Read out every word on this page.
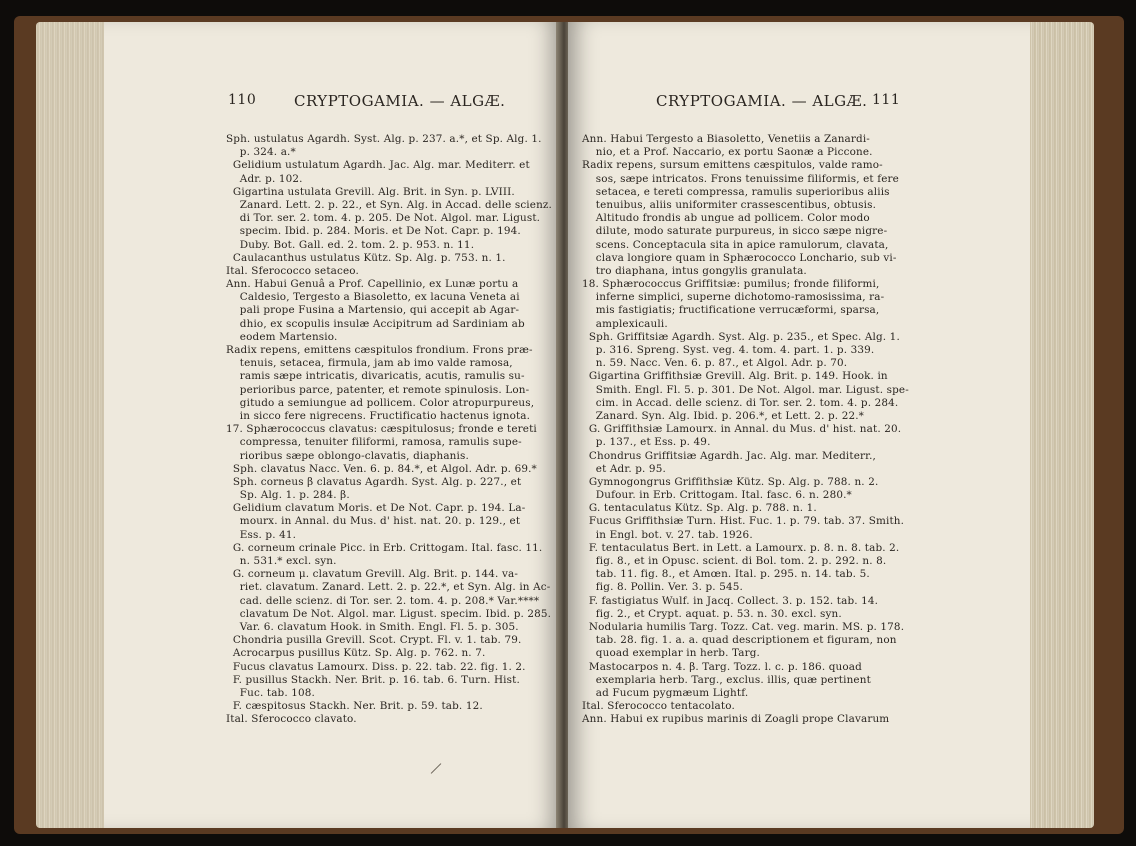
110	CRYPTOGAMIA. — ALGÆ.
Sph. ustulatus Agardh. Syst. Alg. p. 237. a.*, et Sp. Alg. 1.
p. 324. a.*
Gelidium ustulatum Agardh. Jac. Alg. mar. Mediterr. et
Adr. p. 102.
Gigartina ustulata Grevill. Alg. Brit. in Syn. p. LVIII.
Zanard. Lett. 2. p. 22., et Syn. Alg. in Accad. delle scienz.
di Tor. ser. 2. tom. 4. p. 205. De Not. Algol. mar. Ligust.
specim. Ibid. p. 284. Moris. et De Not. Capr. p. 194.
Duby. Bot. Gall. ed. 2. tom. 2. p. 953. n. 11.
Caulacanthus ustulatus Kütz. Sp. Alg. p. 753. n. 1.
Ital. Sferococco setaceo.
Ann. Habui Genuâ a Prof. Capellinio, ex Lunæ portu a
Caldesio, Tergesto a Biasoletto, ex lacuna Veneta ai
pali prope Fusina a Martensio, qui accepit ab Agar-
dhio, ex scopulis insulæ Accipitrum ad Sardiniam ab
eodem Martensio.
Radix repens, emittens cæspitulos frondium. Frons præ-
tenuis, setacea, firmula, jam ab imo valde ramosa,
ramis sæpe intricatis, divaricatis, acutis, ramulis su-
perioribus parce, patenter, et remote spinulosis. Lon-
gitudo a semiungue ad pollicem. Color atropurpureus,
in sicco fere nigrecens. Fructificatio hactenus ignota.
17. Sphærococcus clavatus: cæspitulosus; fronde e tereti
compressa, tenuiter filiformi, ramosa, ramulis supe-
rioribus sæpe oblongo-clavatis, diaphanis.
Sph. clavatus Nacc. Ven. 6. p. 84.*, et Algol. Adr. p. 69.*
Sph. corneus β clavatus Agardh. Syst. Alg. p. 227., et
Sp. Alg. 1. p. 284. β.
Gelidium clavatum Moris. et De Not. Capr. p. 194. La-
mourx. in Annal. du Mus. d' hist. nat. 20. p. 129., et
Ess. p. 41.
G. corneum crinale Picc. in Erb. Crittogam. Ital. fasc. 11.
n. 531.* excl. syn.
G. corneum μ. clavatum Grevill. Alg. Brit. p. 144. va-
riet. clavatum. Zanard. Lett. 2. p. 22.*, et Syn. Alg. in Ac-
cad. delle scienz. di Tor. ser. 2. tom. 4. p. 208.* Var.****
clavatum De Not. Algol. mar. Ligust. specim. Ibid. p. 285.
Var. 6. clavatum Hook. in Smith. Engl. Fl. 5. p. 305.
Chondria pusilla Grevill. Scot. Crypt. Fl. v. 1. tab. 79.
Acrocarpus pusillus Kütz. Sp. Alg. p. 762. n. 7.
Fucus clavatus Lamourx. Diss. p. 22. tab. 22. fig. 1. 2.
F. pusillus Stackh. Ner. Brit. p. 16. tab. 6. Turn. Hist.
Fuc. tab. 108.
F. cæspitosus Stackh. Ner. Brit. p. 59. tab. 12.
Ital. Sferococco clavato.
CRYPTOGAMIA. — ALGÆ. 111
Ann. Habui Tergesto a Biasoletto, Venetiis a Zanardi-
nio, et a Prof. Naccario, ex portu Saonæ a Piccone.
Radix repens, sursum emittens cæspitulos, valde ramo-
sos, sæpe intricatos. Frons tenuissime filiformis, et fere
setacea, e tereti compressa, ramulis superioribus aliis
tenuibus, aliis uniformiter crassescentibus, obtusis.
Altitudo frondis ab ungue ad pollicem. Color modo
dilute, modo saturate purpureus, in sicco sæpe nigre-
scens. Conceptacula sita in apice ramulorum, clavata,
clava longiore quam in Sphærococco Lonchario, sub vi-
tro diaphana, intus gongylis granulata.
18. Sphærococcus Griffitsiæ: pumilus; fronde filiformi,
inferne simplici, superne dichotomo-ramosissima, ra-
mis fastigiatis; fructificatione verrucæformi, sparsa,
amplexicauli.
Sph. Griffitsiæ Agardh. Syst. Alg. p. 235., et Spec. Alg. 1.
p. 316. Spreng. Syst. veg. 4. tom. 4. part. 1. p. 339.
n. 59. Nacc. Ven. 6. p. 87., et Algol. Adr. p. 70.
Gigartina Griffithsiæ Grevill. Alg. Brit. p. 149. Hook. in
Smith. Engl. Fl. 5. p. 301. De Not. Algol. mar. Ligust. spe-
cim. in Accad. delle scienz. di Tor. ser. 2. tom. 4. p. 284.
Zanard. Syn. Alg. Ibid. p. 206.*, et Lett. 2. p. 22.*
G. Griffithsiæ Lamourx. in Annal. du Mus. d' hist. nat. 20.
p. 137., et Ess. p. 49.
Chondrus Griffitsiæ Agardh. Jac. Alg. mar. Mediterr.,
et Adr. p. 95.
Gymnogongrus Griffithsiæ Kütz. Sp. Alg. p. 788. n. 2.
Dufour. in Erb. Crittogam. Ital. fasc. 6. n. 280.*
G. tentaculatus Kütz. Sp. Alg. p. 788. n. 1.
Fucus Griffithsiæ Turn. Hist. Fuc. 1. p. 79. tab. 37. Smith.
in Engl. bot. v. 27. tab. 1926.
F. tentaculatus Bert. in Lett. a Lamourx. p. 8. n. 8. tab. 2.
fig. 8., et in Opusc. scient. di Bol. tom. 2. p. 292. n. 8.
tab. 11. fig. 8., et Amœn. Ital. p. 295. n. 14. tab. 5.
fig. 8. Pollin. Ver. 3. p. 545.
F. fastigiatus Wulf. in Jacq. Collect. 3. p. 152. tab. 14.
fig. 2., et Crypt. aquat. p. 53. n. 30. excl. syn.
Nodularia humilis Targ. Tozz. Cat. veg. marin. MS. p. 178.
tab. 28. fig. 1. a. a. quad descriptionem et figuram, non
quoad exemplar in herb. Targ.
Mastocarpos n. 4. β. Targ. Tozz. l. c. p. 186. quoad
exemplaria herb. Targ., exclus. illis, quæ pertinent
ad Fucum pygmæum Lightf.
Ital. Sferococco tentacolato.
Ann. Habui ex rupibus marinis di Zoagli prope Clavarum
